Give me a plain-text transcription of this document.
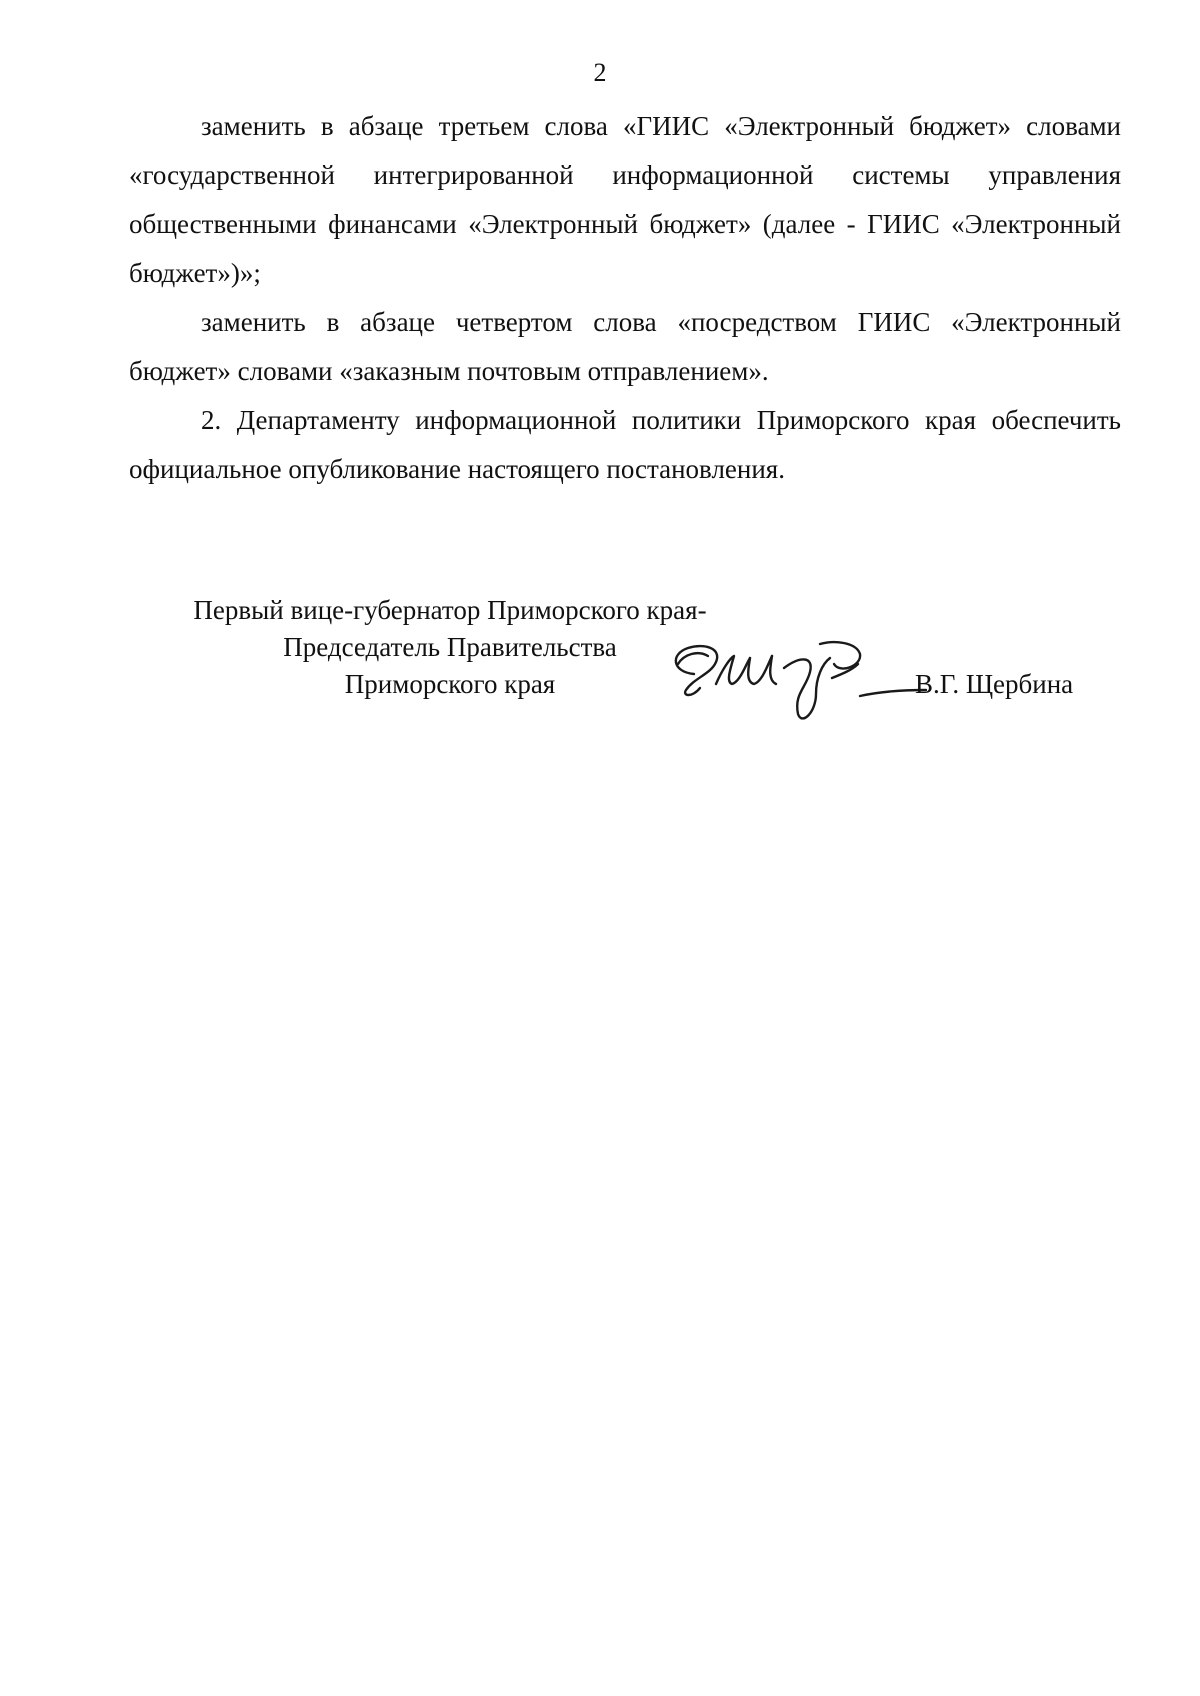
2

заменить в абзаце третьем слова «ГИИС «Электронный бюджет» словами «государственной интегрированной информационной системы управления общественными финансами «Электронный бюджет» (далее - ГИИС «Электронный бюджет»)»;

заменить в абзаце четвертом слова «посредством ГИИС «Электронный бюджет» словами «заказным почтовым отправлением».

2. Департаменту информационной политики Приморского края обеспечить официальное опубликование настоящего постановления.

Первый вице-губернатор Приморского края-
Председатель Правительства
Приморского края	В.Г. Щербина
